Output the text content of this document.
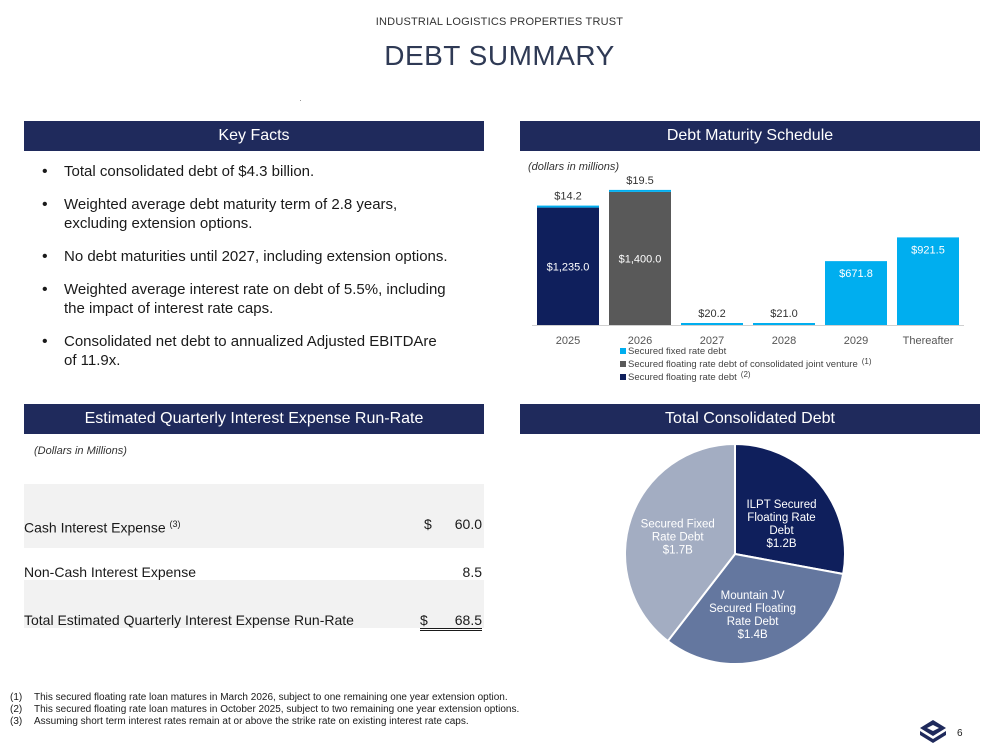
INDUSTRIAL LOGISTICS PROPERTIES TRUST
DEBT SUMMARY
Key Facts
• Total consolidated debt of $4.3 billion.
• Weighted average debt maturity term of 2.8 years, excluding extension options.
• No debt maturities until 2027, including extension options.
• Weighted average interest rate on debt of 5.5%, including the impact of interest rate caps.
• Consolidated net debt to annualized Adjusted EBITDAre of 11.9x.
Debt Maturity Schedule
(dollars in millions)
$14.2
$1,235.0
2025
$19.5
$1,400.0
2026
$20.2
2027
$21.0
2028
$671.8
2029
$921.5
Thereafter
Secured fixed rate debt
Secured floating rate debt of consolidated joint venture $^{(1)}$
Secured floating rate debt $^{(2)}$
Estimated Quarterly Interest Expense Run-Rate
(Dollars in Millions)
Cash Interest Expense $^{(3)}$	$ 60.0
Non-Cash Interest Expense	8.5
Total Estimated Quarterly Interest Expense Run-Rate	$ 68.5
Total Consolidated Debt
ILPT Secured
Floating Rate
Debt
$1.2B
Mountain JV
Secured Floating
Rate Debt
$1.4B
Secured Fixed
Rate Debt
$1.7B
(1) This secured floating rate loan matures in March 2026, subject to one remaining one year extension option.
(2) This secured floating rate loan matures in October 2025, subject to two remaining one year extension options.
(3) Assuming short term interest rates remain at or above the strike rate on existing interest rate caps.
6
